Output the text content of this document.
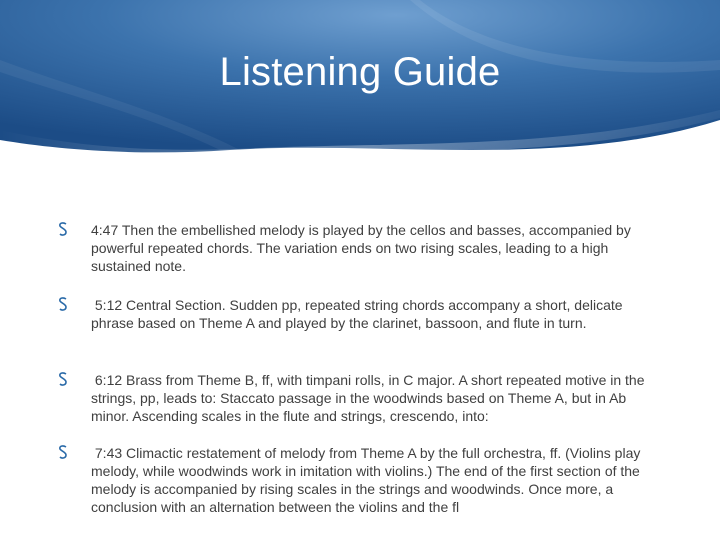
Listening Guide
4:47 Then the embellished melody is played by the cellos and basses, accompanied by powerful repeated chords. The variation ends on two rising scales, leading to a high sustained note.
5:12 Central Section. Sudden pp, repeated string chords accompany a short, delicate phrase based on Theme A and played by the clarinet, bassoon, and flute in turn.
6:12 Brass from Theme B, ff, with timpani rolls, in C major. A short repeated motive in the strings, pp, leads to: Staccato passage in the woodwinds based on Theme A, but in Ab minor. Ascending scales in the flute and strings, crescendo, into:
7:43 Climactic restatement of melody from Theme A by the full orchestra, ff. (Violins play melody, while woodwinds work in imitation with violins.) The end of the first section of the melody is accompanied by rising scales in the strings and woodwinds. Once more, a conclusion with an alternation between the violins and the fl
